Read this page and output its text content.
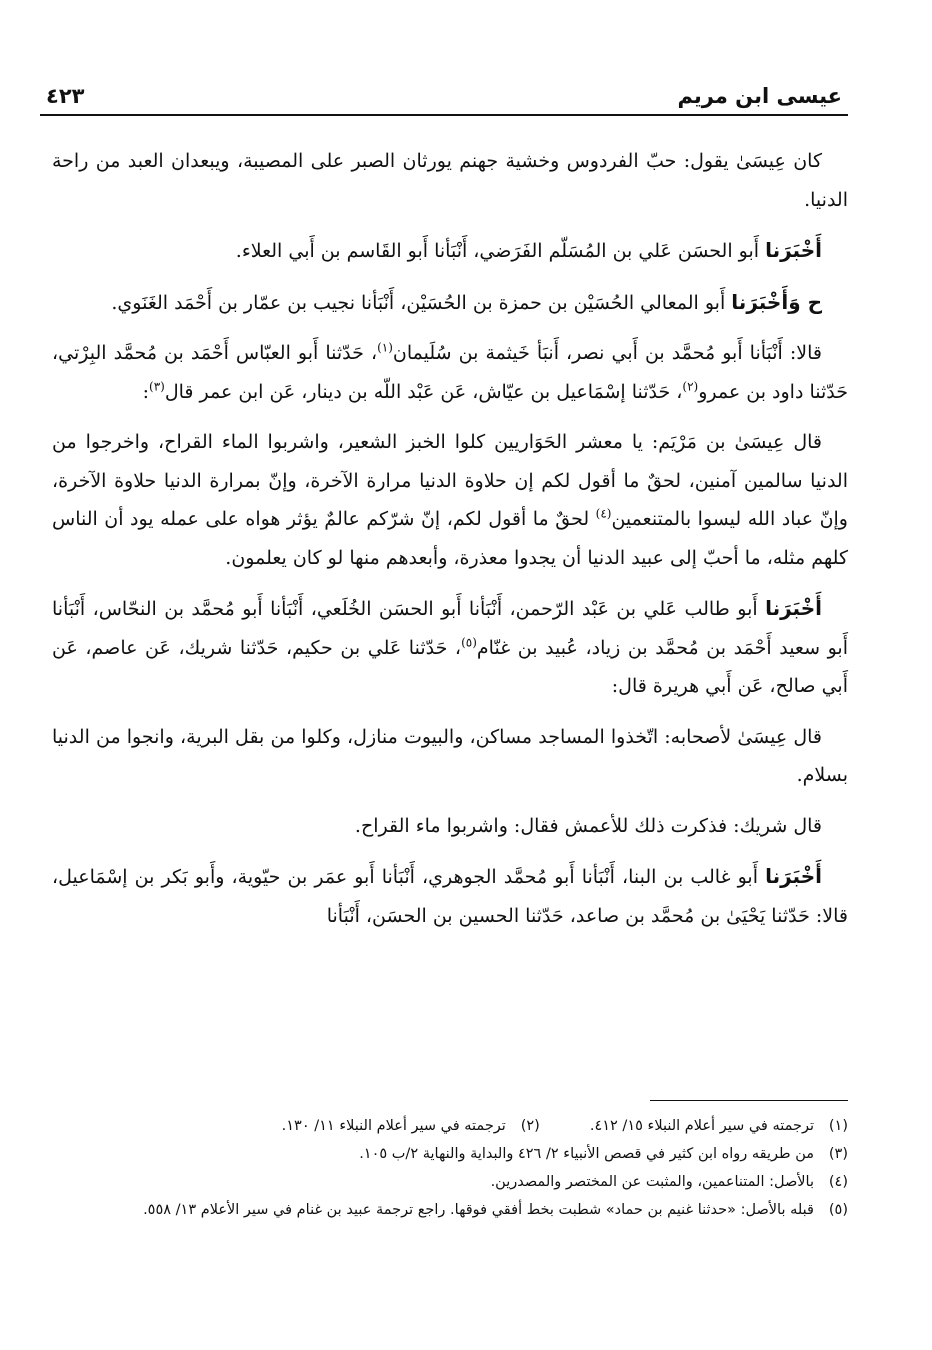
عيسى ابن مريم
٤٢٣

كان عِيسَىٰ يقول: حبّ الفردوس وخشية جهنم يورثان الصبر على المصيبة، ويبعدان العبد من راحة الدنيا.

أَخْبَرَنا أَبو الحسَن عَلي بن المُسَلّم الفَرَضي، أَنْبَأنا أَبو القَاسم بن أَبي العلاء.

ح وَأَخْبَرَنا أَبو المعالي الحُسَيْن بن حمزة بن الحُسَيْن، أَنْبَأنا نجيب بن عمّار بن أَحْمَد الغَنَوي.

قالا: أَنْبَأنا أَبو مُحمَّد بن أَبي نصر، أَنبَأ خَيثمة بن سُلَيمان$^{(١)}$، حَدّثنا أَبو العبّاس أَحْمَد بن مُحمَّد البِرْتي، حَدّثنا داود بن عمرو$^{(٢)}$، حَدّثنا إسْمَاعيل بن عيّاش، عَن عَبْد اللّه بن دينار، عَن ابن عمر قال$^{(٣)}$:

قال عِيسَىٰ بن مَرْيَم: يا معشر الحَوَاريين كلوا الخبز الشعير، واشربوا الماء القراح، واخرجوا من الدنيا سالمين آمنين، لحقٌ ما أقول لكم إن حلاوة الدنيا مرارة الآخرة، وإنّ بمرارة الدنيا حلاوة الآخرة، وإنّ عباد الله ليسوا بالمتنعمين$^{(٤)}$ لحقٌ ما أقول لكم، إنّ شرّكم عالمٌ يؤثر هواه على عمله يود أن الناس كلهم مثله، ما أحبّ إلى عبيد الدنيا أن يجدوا معذرة، وأبعدهم منها لو كان يعلمون.

أَخْبَرَنا أَبو طالب عَلي بن عَبْد الرّحمن، أَنْبَأنا أَبو الحسَن الخُلَعي، أَنْبَأنا أَبو مُحمَّد بن النحّاس، أَنْبَأنا أَبو سعيد أَحْمَد بن مُحمَّد بن زياد، عُبيد بن غنّام$^{(٥)}$، حَدّثنا عَلي بن حكيم، حَدّثنا شريك، عَن عاصم، عَن أَبي صالح، عَن أَبي هريرة قال:

قال عِيسَىٰ لأصحابه: اتّخذوا المساجد مساكن، والبيوت منازل، وكلوا من بقل البرية، وانجوا من الدنيا بسلام.

قال شريك: فذكرت ذلك للأعمش فقال: واشربوا ماء القراح.

أَخْبَرَنا أَبو غالب بن البنا، أَنْبَأنا أَبو مُحمَّد الجوهري، أَنْبَأنا أَبو عمَر بن حيّوية، وأَبو بَكر بن إسْمَاعيل، قالا: حَدّثنا يَحْيَىٰ بن مُحمَّد بن صاعد، حَدّثنا الحسين بن الحسَن، أَنْبَأنا

(١)
ترجمته في سير أعلام النبلاء ١٥/ ٤١٢.
(٢)
ترجمته في سير أعلام النبلاء ١١/ ١٣٠.
(٣)
من طريقه رواه ابن كثير في قصص الأنبياء ٢/ ٤٢٦ والبداية والنهاية ٢/ب ١٠٥.
(٤)
بالأصل: المتناعمين، والمثبت عن المختصر والمصدرين.
(٥)
قبله بالأصل: «حدثنا غنيم بن حماد» شطبت بخط أفقي فوقها. راجع ترجمة عبيد بن غنام في سير الأعلام ١٣/ ٥٥٨.
